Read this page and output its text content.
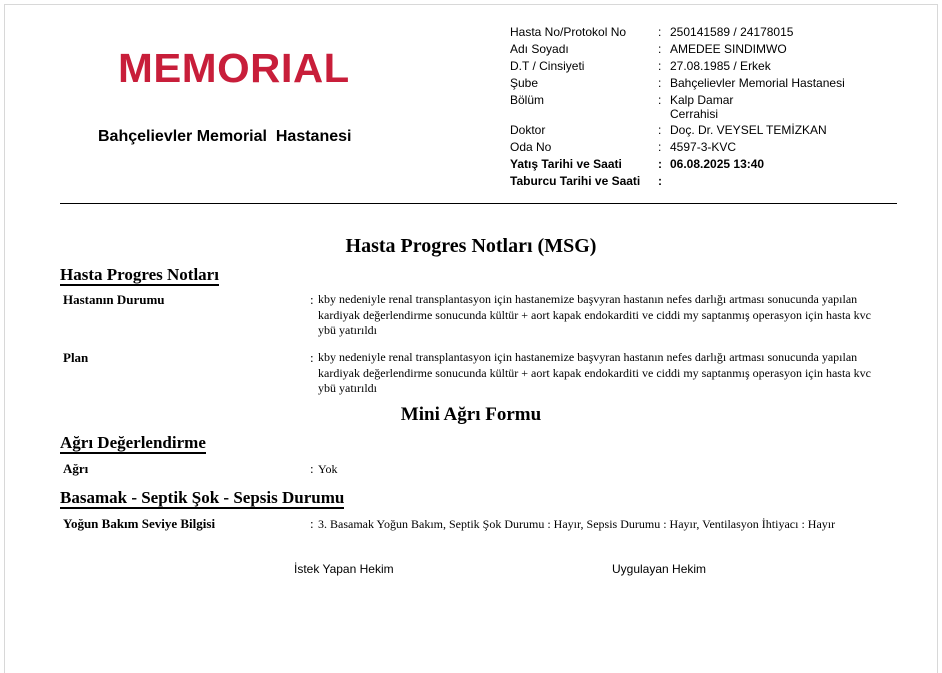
MEMORIAL
Bahçelievler Memorial  Hastanesi
Hasta No/Protokol No	: 250141589 / 24178015
Adı Soyadı	: AMEDEE SINDIMWO
D.T / Cinsiyeti	: 27.08.1985 / Erkek
Şube	: Bahçelievler Memorial Hastanesi
Bölüm	: Kalp Damar Cerrahisi
Doktor	: Doç. Dr. VEYSEL TEMİZKAN
Oda No	: 4597-3-KVC
Yatış Tarihi ve Saati	: 06.08.2025 13:40
Taburcu Tarihi ve Saati	:
Hasta Progres Notları (MSG)
Hasta Progres Notları
Hastanın Durumu	: kby nedeniyle renal transplantasyon için hastanemize başvyran hastanın nefes darlığı artması sonucunda yapılan kardiyak değerlendirme sonucunda kültür + aort kapak endokarditi ve ciddi my saptanmış operasyon için hasta kvc ybü yatırıldı
Plan	: kby nedeniyle renal transplantasyon için hastanemize başvyran hastanın nefes darlığı artması sonucunda yapılan kardiyak değerlendirme sonucunda kültür + aort kapak endokarditi ve ciddi my saptanmış operasyon için hasta kvc ybü yatırıldı
Mini Ağrı Formu
Ağrı Değerlendirme
Ağrı	: Yok
Basamak - Septik Şok - Sepsis Durumu
Yoğun Bakım Seviye Bilgisi	: 3. Basamak Yoğun Bakım, Septik Şok Durumu : Hayır, Sepsis Durumu : Hayır, Ventilasyon İhtiyacı : Hayır
İstek Yapan Hekim	Uygulayan Hekim
